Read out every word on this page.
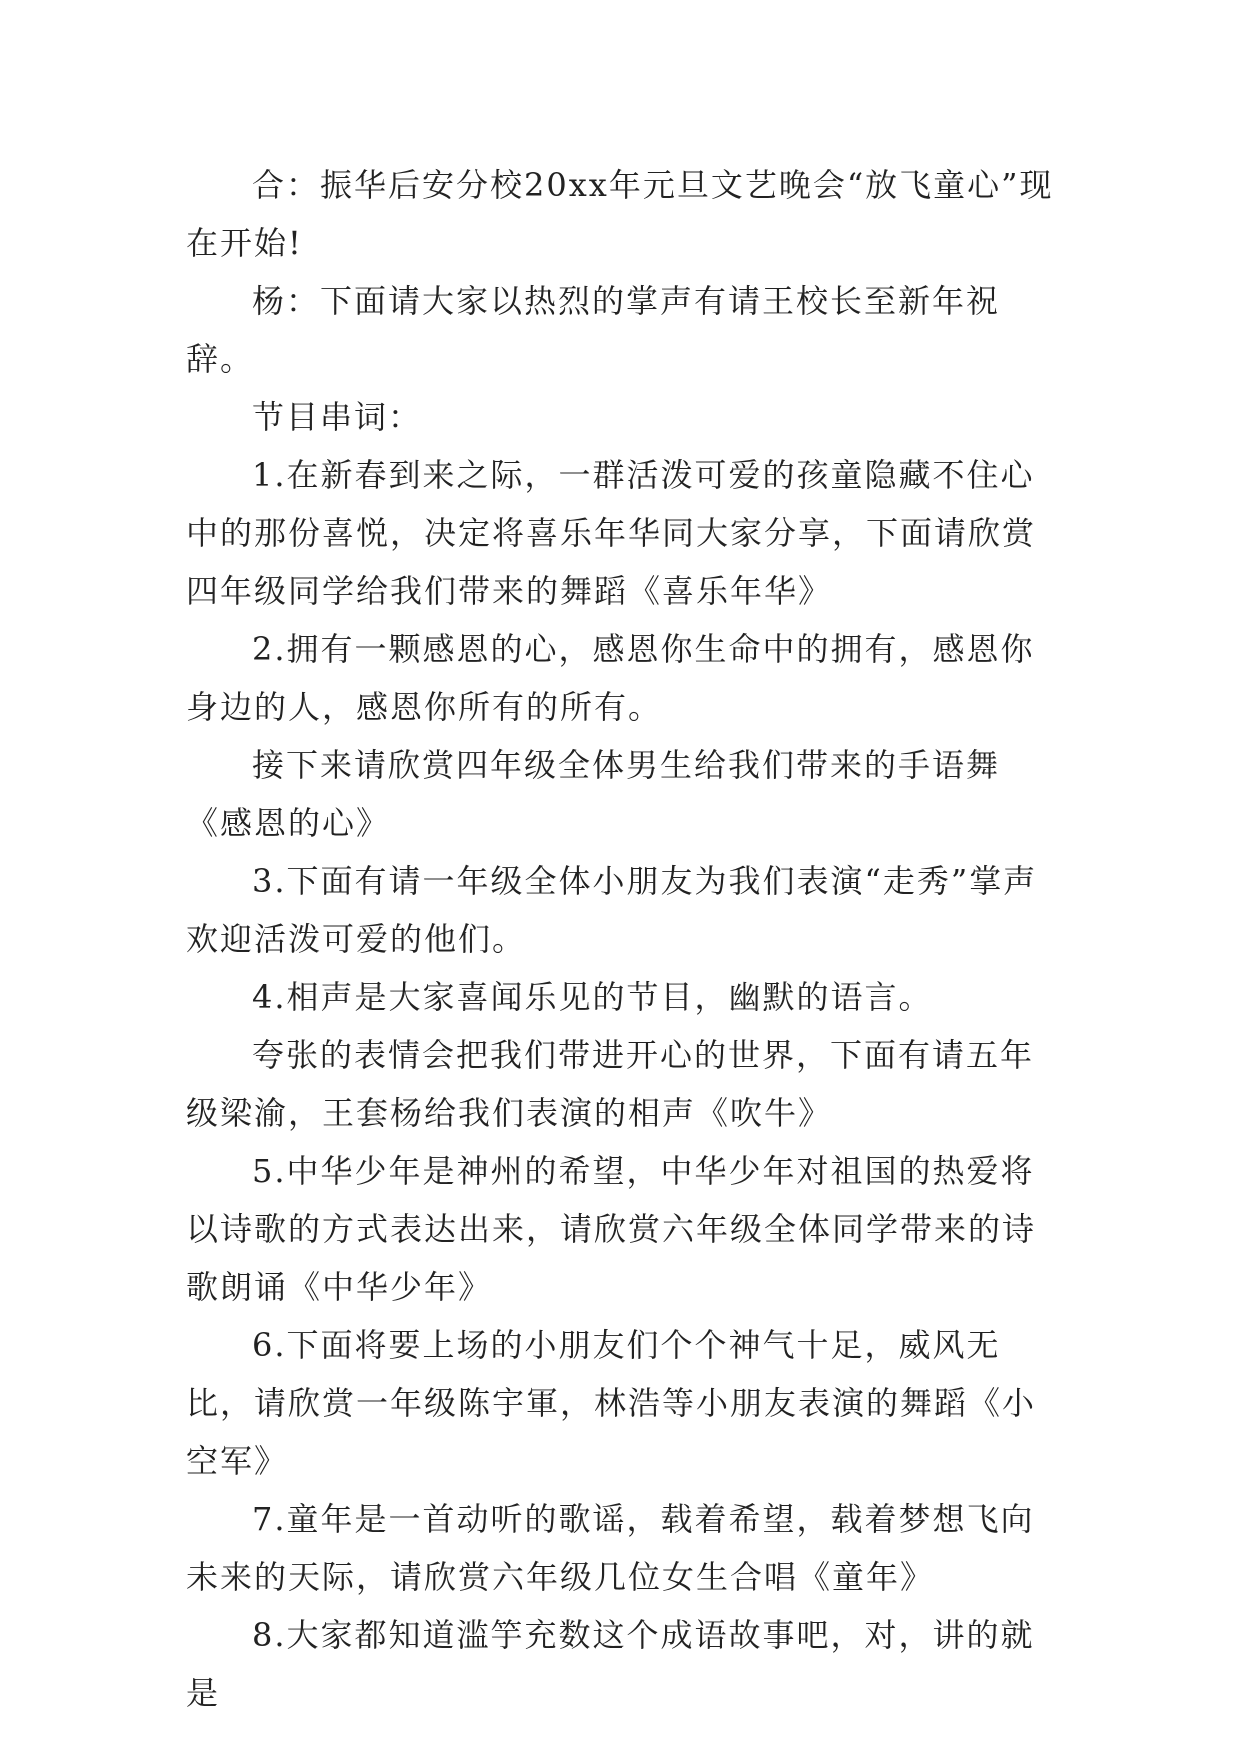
合：振华后安分校20xx年元旦文艺晚会“放飞童心”现在开始!

杨：下面请大家以热烈的掌声有请王校长至新年祝辞。

节目串词：

1.在新春到来之际，一群活泼可爱的孩童隐藏不住心中的那份喜悦，决定将喜乐年华同大家分享，下面请欣赏四年级同学给我们带来的舞蹈《喜乐年华》

2.拥有一颗感恩的心，感恩你生命中的拥有，感恩你身边的人，感恩你所有的所有。

接下来请欣赏四年级全体男生给我们带来的手语舞《感恩的心》

3.下面有请一年级全体小朋友为我们表演“走秀”掌声欢迎活泼可爱的他们。

4.相声是大家喜闻乐见的节目，幽默的语言。

夸张的表情会把我们带进开心的世界，下面有请五年级梁渝，王套杨给我们表演的相声《吹牛》

5.中华少年是神州的希望，中华少年对祖国的热爱将以诗歌的方式表达出来，请欣赏六年级全体同学带来的诗歌朗诵《中华少年》

6.下面将要上场的小朋友们个个神气十足，威风无比，请欣赏一年级陈宇軍，林浩等小朋友表演的舞蹈《小空军》

7.童年是一首动听的歌谣，载着希望，载着梦想飞向未来的天际，请欣赏六年级几位女生合唱《童年》

8.大家都知道滥竽充数这个成语故事吧，对，讲的就是
